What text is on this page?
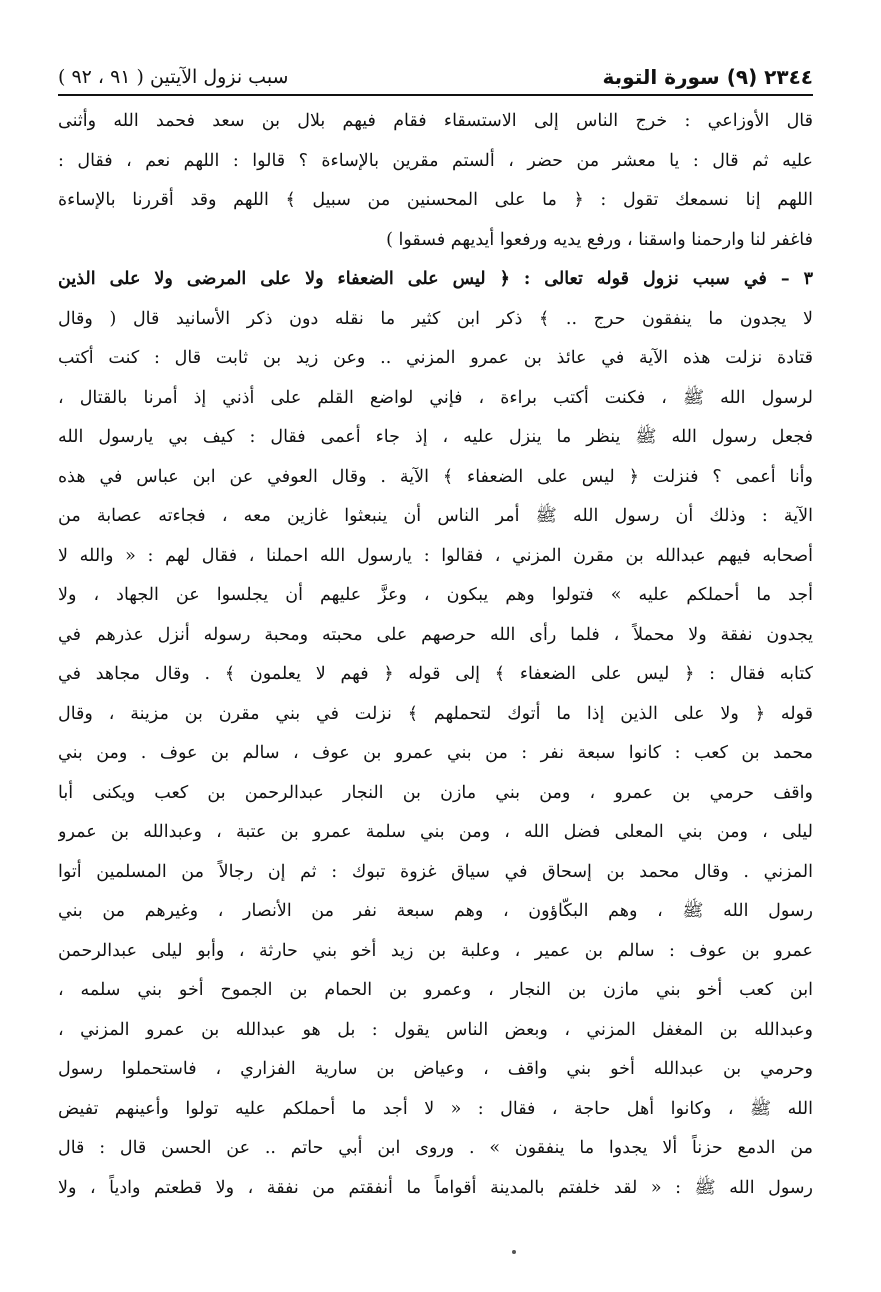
٢٣٤٤ (٩) سورة التوبة
سبب نزول الآيتين ( ٩١ ، ٩٢ )
قال الأوزاعي : خرج الناس إلى الاستسقاء فقام فيهم بلال بن سعد فحمد الله وأثنى
عليه ثم قال : يا معشر من حضر ، ألستم مقرين بالإساءة ؟ قالوا : اللهم نعم ، فقال :
اللهم إنا نسمعك تقول : ﴿ ما على المحسنين من سبيل ﴾ اللهم وقد أقررنا بالإساءة
فاغفر لنا وارحمنا واسقنا ، ورفع يديه ورفعوا أيديهم فسقوا )
٣ – في سبب نزول قوله تعالى : ﴿ ليس على الضعفاء ولا على المرضى ولا على الذين
لا يجدون ما ينفقون حرج .. ﴾ ذكر ابن كثير ما نقله دون ذكر الأسانيد قال ( وقال
قتادة نزلت هذه الآية في عائذ بن عمرو المزني .. وعن زيد بن ثابت قال : كنت أكتب
لرسول الله ﷺ ، فكنت أكتب براءة ، فإني لواضع القلم على أذني إذ أمرنا بالقتال ،
فجعل رسول الله ﷺ ينظر ما ينزل عليه ، إذ جاء أعمى فقال : كيف بي يارسول الله
وأنا أعمى ؟ فنزلت ﴿ ليس على الضعفاء ﴾ الآية . وقال العوفي عن ابن عباس في هذه
الآية : وذلك أن رسول الله ﷺ أمر الناس أن ينبعثوا غازين معه ، فجاءته عصابة من
أصحابه فيهم عبدالله بن مقرن المزني ، فقالوا : يارسول الله احملنا ، فقال لهم : « والله لا
أجد ما أحملكم عليه » فتولوا وهم يبكون ، وعزَّ عليهم أن يجلسوا عن الجهاد ، ولا
يجدون نفقة ولا محملاً ، فلما رأى الله حرصهم على محبته ومحبة رسوله أنزل عذرهم في
كتابه فقال : ﴿ ليس على الضعفاء ﴾ إلى قوله ﴿ فهم لا يعلمون ﴾ . وقال مجاهد في
قوله ﴿ ولا على الذين إذا ما أتوك لتحملهم ﴾ نزلت في بني مقرن بن مزينة ، وقال
محمد بن كعب : كانوا سبعة نفر : من بني عمرو بن عوف ، سالم بن عوف . ومن بني
واقف حرمي بن عمرو ، ومن بني مازن بن النجار عبدالرحمن بن كعب ويكنى أبا
ليلى ، ومن بني المعلى فضل الله ، ومن بني سلمة عمرو بن عتبة ، وعبدالله بن عمرو
المزني . وقال محمد بن إسحاق في سياق غزوة تبوك : ثم إن رجالاً من المسلمين أتوا
رسول الله ﷺ ، وهم البكّاؤون ، وهم سبعة نفر من الأنصار ، وغيرهم من بني
عمرو بن عوف : سالم بن عمير ، وعلبة بن زيد أخو بني حارثة ، وأبو ليلى عبدالرحمن
ابن كعب أخو بني مازن بن النجار ، وعمرو بن الحمام بن الجموح أخو بني سلمه ،
وعبدالله بن المغفل المزني ، وبعض الناس يقول : بل هو عبدالله بن عمرو المزني ،
وحرمي بن عبدالله أخو بني واقف ، وعياض بن سارية الفزاري ، فاستحملوا رسول
الله ﷺ ، وكانوا أهل حاجة ، فقال : « لا أجد ما أحملكم عليه تولوا وأعينهم تفيض
من الدمع حزناً ألا يجدوا ما ينفقون » . وروى ابن أبي حاتم .. عن الحسن قال : قال
رسول الله ﷺ : « لقد خلفتم بالمدينة أقواماً ما أنفقتم من نفقة ، ولا قطعتم وادياً ، ولا
